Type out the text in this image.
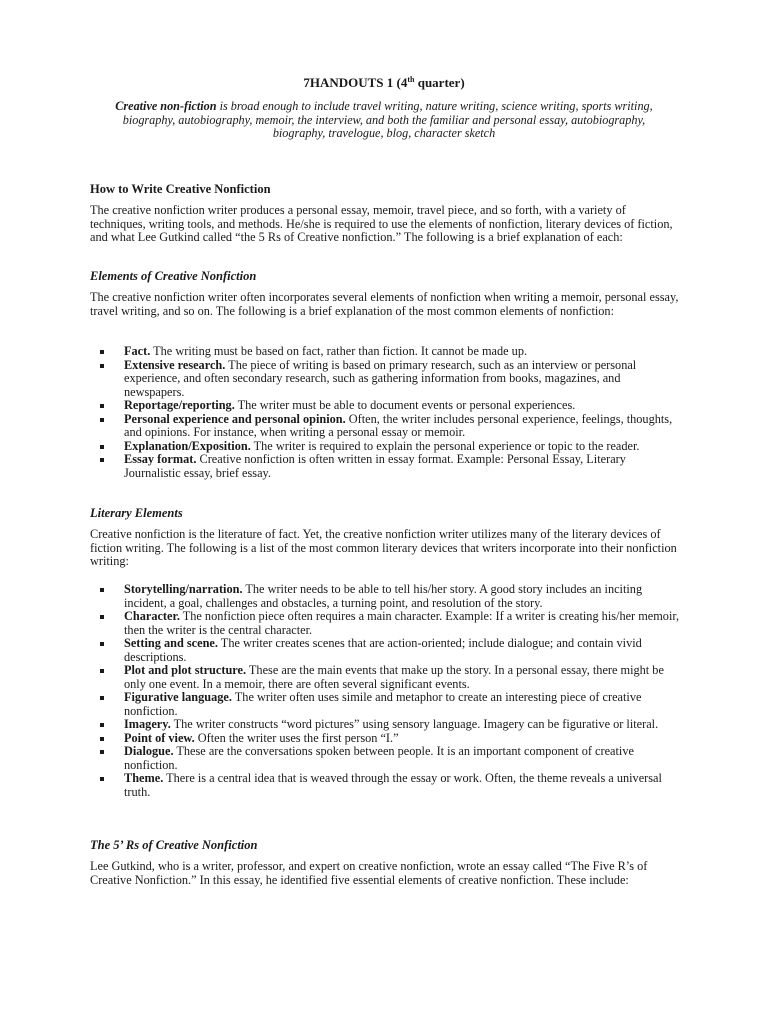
7HANDOUTS 1 (4th quarter)
Creative non-fiction is broad enough to include travel writing, nature writing, science writing, sports writing, biography, autobiography, memoir, the interview, and both the familiar and personal essay, autobiography, biography, travelogue, blog, character sketch
How to Write Creative Nonfiction
The creative nonfiction writer produces a personal essay, memoir, travel piece, and so forth, with a variety of techniques, writing tools, and methods. He/she is required to use the elements of nonfiction, literary devices of fiction, and what Lee Gutkind called “the 5 Rs of Creative nonfiction.” The following is a brief explanation of each:
Elements of Creative Nonfiction
The creative nonfiction writer often incorporates several elements of nonfiction when writing a memoir, personal essay, travel writing, and so on. The following is a brief explanation of the most common elements of nonfiction:
Fact. The writing must be based on fact, rather than fiction. It cannot be made up.
Extensive research. The piece of writing is based on primary research, such as an interview or personal experience, and often secondary research, such as gathering information from books, magazines, and newspapers.
Reportage/reporting. The writer must be able to document events or personal experiences.
Personal experience and personal opinion. Often, the writer includes personal experience, feelings, thoughts, and opinions. For instance, when writing a personal essay or memoir.
Explanation/Exposition. The writer is required to explain the personal experience or topic to the reader.
Essay format. Creative nonfiction is often written in essay format. Example: Personal Essay, Literary Journalistic essay, brief essay.
Literary Elements
Creative nonfiction is the literature of fact. Yet, the creative nonfiction writer utilizes many of the literary devices of fiction writing. The following is a list of the most common literary devices that writers incorporate into their nonfiction writing:
Storytelling/narration. The writer needs to be able to tell his/her story. A good story includes an inciting incident, a goal, challenges and obstacles, a turning point, and resolution of the story.
Character. The nonfiction piece often requires a main character. Example: If a writer is creating his/her memoir, then the writer is the central character.
Setting and scene. The writer creates scenes that are action-oriented; include dialogue; and contain vivid descriptions.
Plot and plot structure. These are the main events that make up the story. In a personal essay, there might be only one event. In a memoir, there are often several significant events.
Figurative language. The writer often uses simile and metaphor to create an interesting piece of creative nonfiction.
Imagery. The writer constructs “word pictures” using sensory language. Imagery can be figurative or literal.
Point of view. Often the writer uses the first person “I.”
Dialogue. These are the conversations spoken between people. It is an important component of creative nonfiction.
Theme. There is a central idea that is weaved through the essay or work. Often, the theme reveals a universal truth.
The 5’ Rs of Creative Nonfiction
Lee Gutkind, who is a writer, professor, and expert on creative nonfiction, wrote an essay called “The Five R’s of Creative Nonfiction.” In this essay, he identified five essential elements of creative nonfiction. These include:
